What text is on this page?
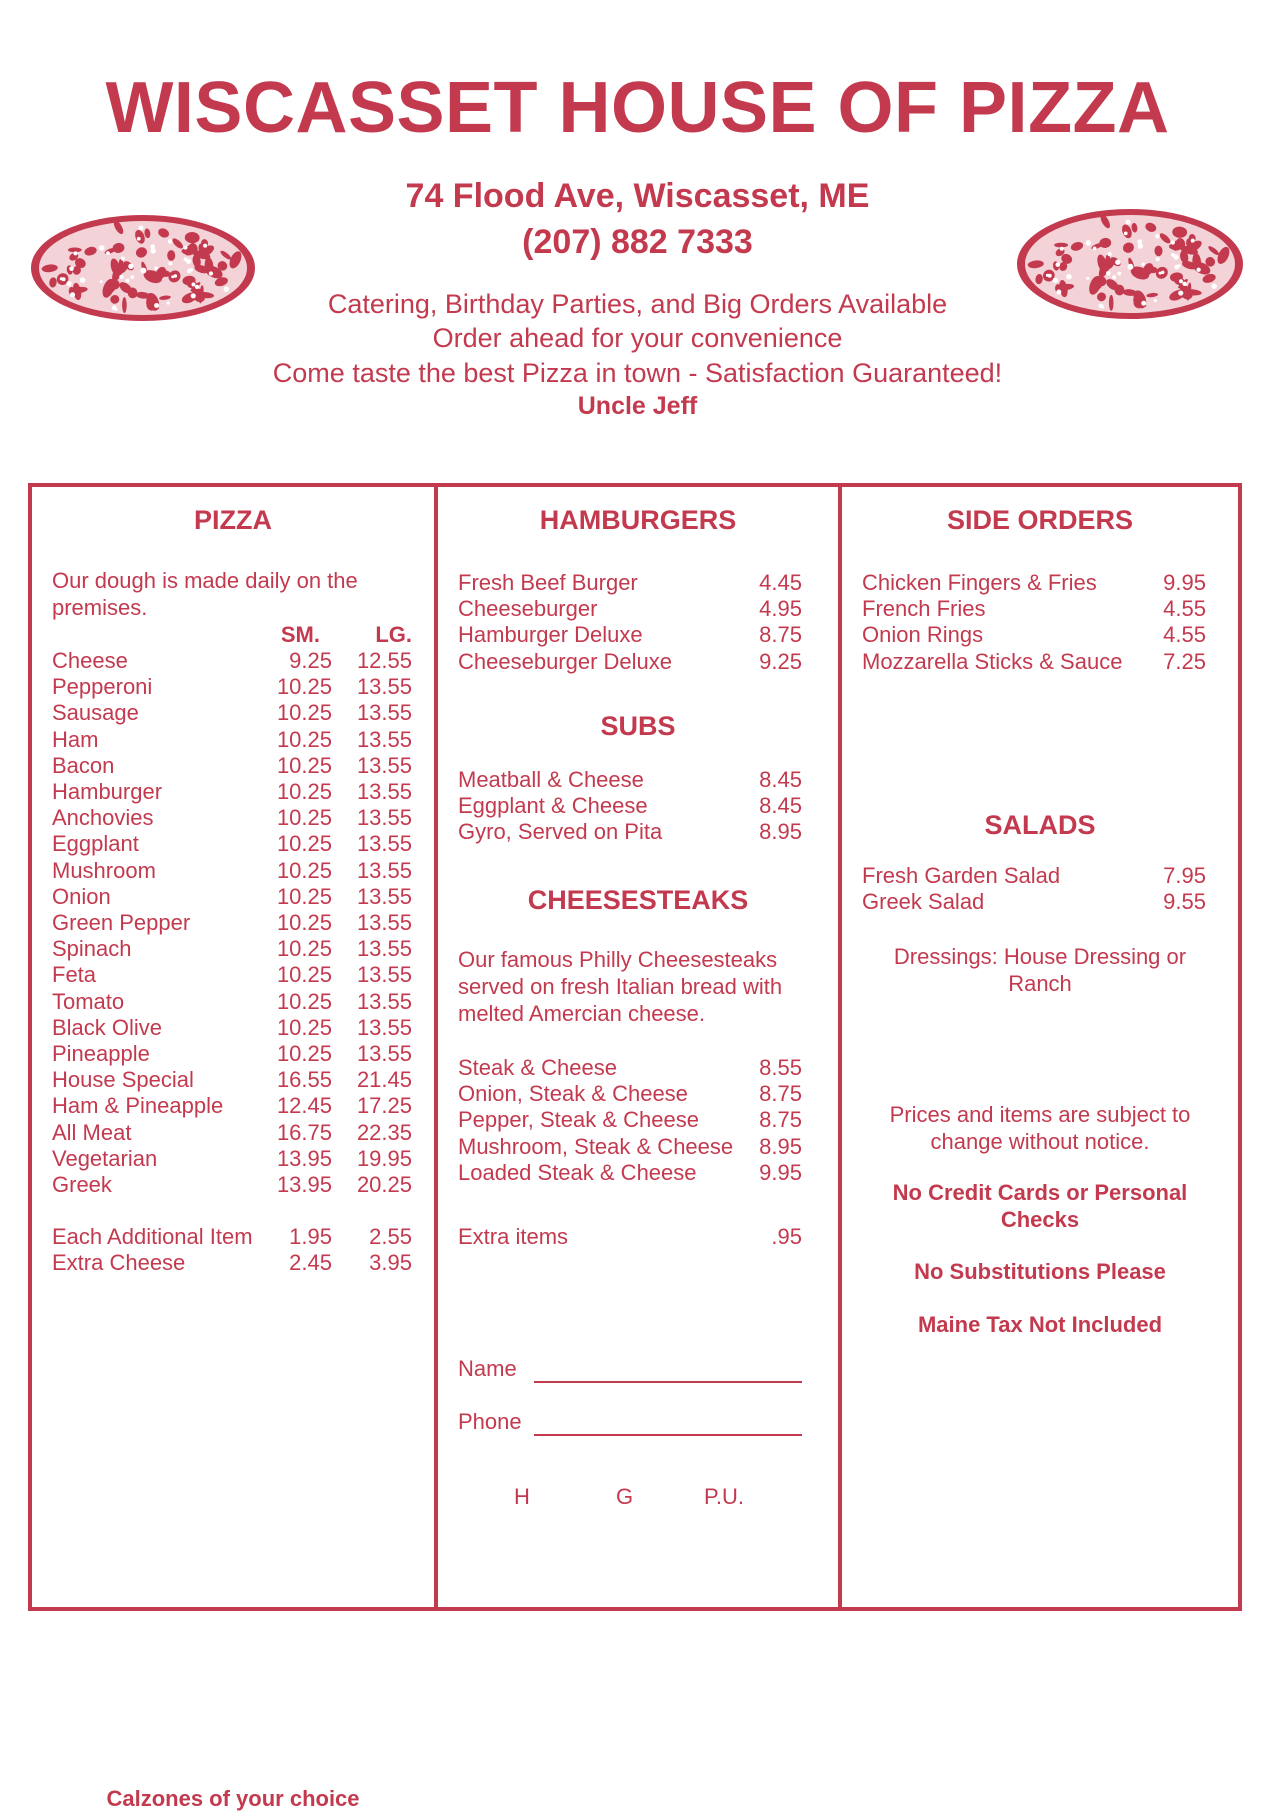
WISCASSET HOUSE OF PIZZA
74 Flood Ave, Wiscasset, ME
(207) 882 7333
Catering, Birthday Parties, and Big Orders Available
Order ahead for your convenience
Come taste the best Pizza in town - Satisfaction Guaranteed!
Uncle Jeff
PIZZA
Our dough is made daily on the premises.
SM.	LG.
Cheese	9.25 12.55
Pepperoni	10.25 13.55
Sausage	10.25 13.55
Ham	10.25 13.55
Bacon	10.25 13.55
Hamburger	10.25 13.55
Anchovies	10.25 13.55
Eggplant	10.25 13.55
Mushroom	10.25 13.55
Onion	10.25 13.55
Green Pepper	10.25 13.55
Spinach	10.25 13.55
Feta	10.25 13.55
Tomato	10.25 13.55
Black Olive	10.25 13.55
Pineapple	10.25 13.55
House Special	16.55 21.45
Ham & Pineapple 12.45 17.25
All Meat	16.75 22.35
Vegetarian	13.95 19.95
Greek	13.95 20.25
Each Additional Item 1.95 2.55
Extra Cheese	2.45 3.95
Calzones of your choice
HAMBURGERS
Fresh Beef Burger	4.45
Cheeseburger	4.95
Hamburger Deluxe	8.75
Cheeseburger Deluxe	9.25
SUBS
Meatball & Cheese	8.45
Eggplant & Cheese	8.45
Gyro, Served on Pita	8.95
CHEESESTEAKS
Our famous Philly Cheesesteaks served on fresh Italian bread with melted Amercian cheese.
Steak & Cheese	8.55
Onion, Steak & Cheese	8.75
Pepper, Steak & Cheese	8.75
Mushroom, Steak & Cheese 8.95
Loaded Steak & Cheese	9.95
Extra items	.95
Name
Phone
H	G	P.U.
SIDE ORDERS
Chicken Fingers & Fries	9.95
French Fries	4.55
Onion Rings	4.55
Mozzarella Sticks & Sauce 7.25
SALADS
Fresh Garden Salad	7.95
Greek Salad	9.55
Dressings: House Dressing or Ranch
Prices and items are subject to change without notice.
No Credit Cards or Personal Checks
No Substitutions Please
Maine Tax Not Included
